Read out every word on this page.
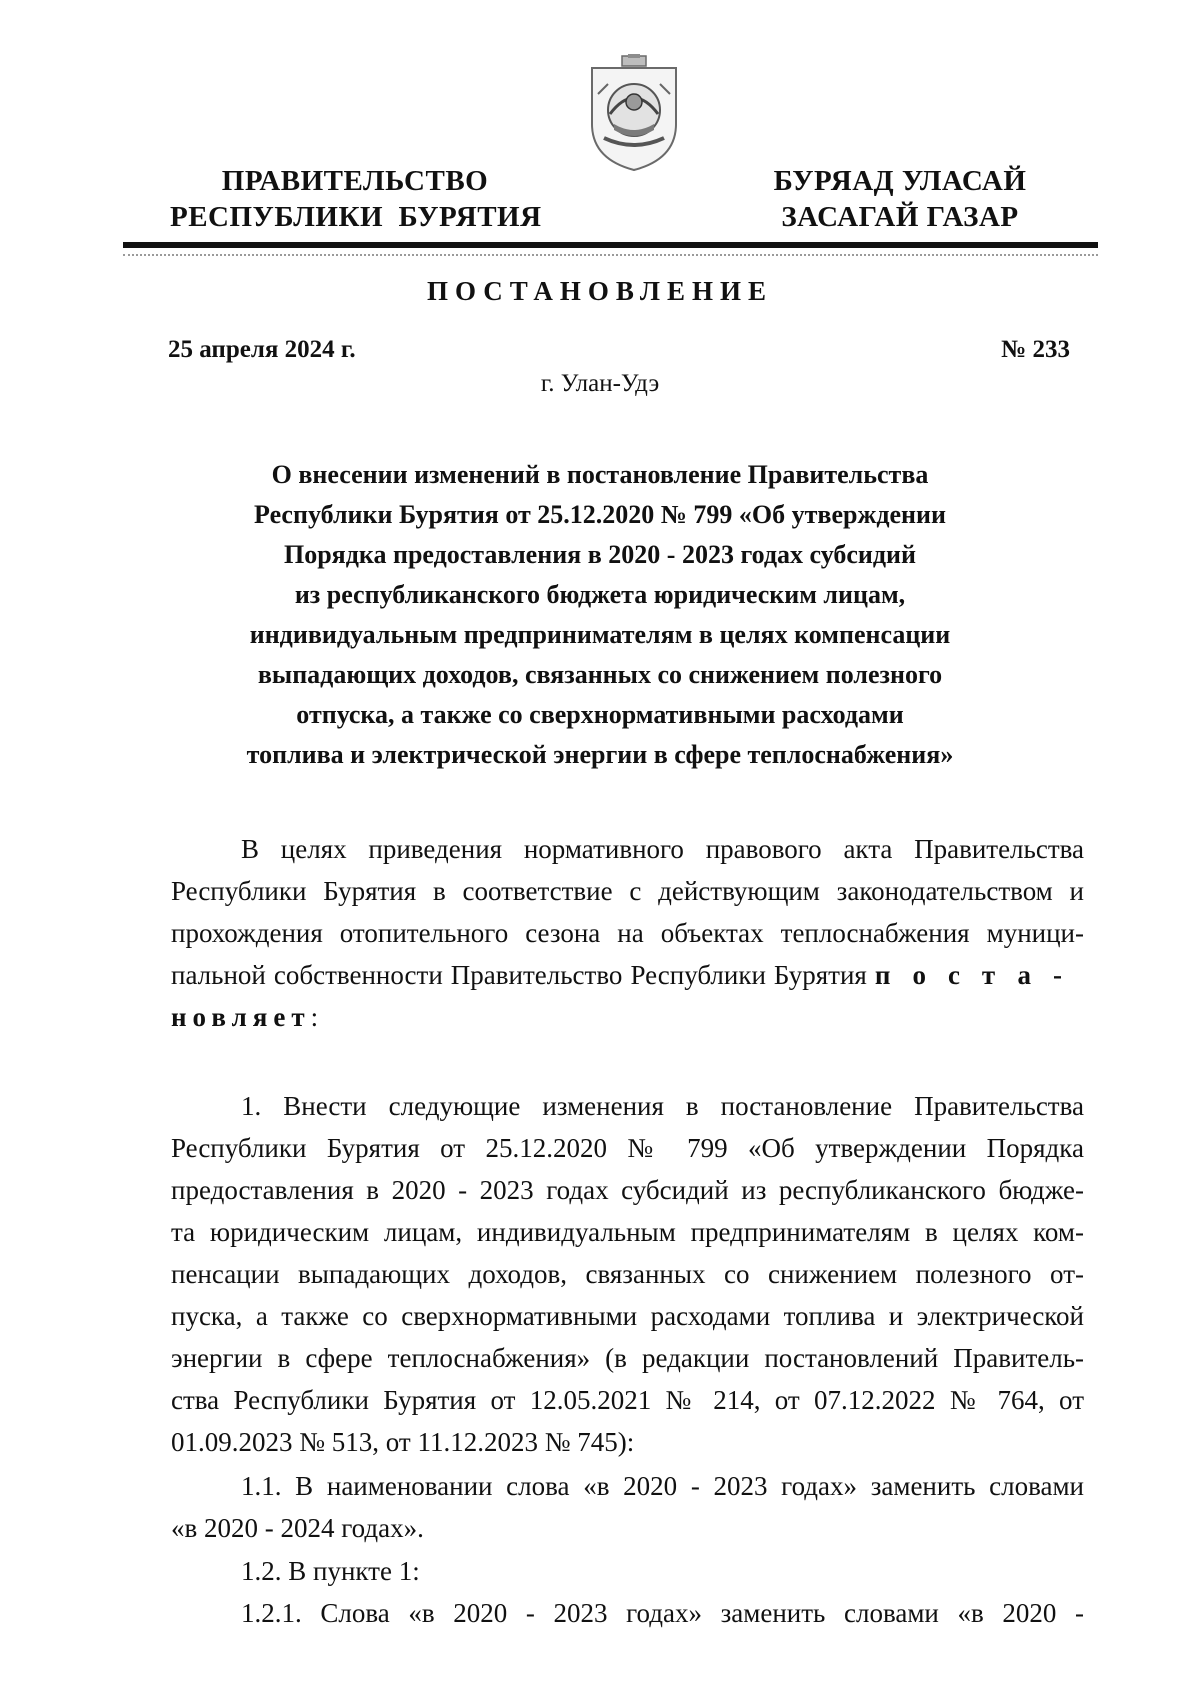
ПРАВИТЕЛЬСТВО
РЕСПУБЛИКИ  БУРЯТИЯ
БУРЯАД УЛАСАЙ
ЗАСАГАЙ ГАЗАР
ПОСТАНОВЛЕНИЕ
25 апреля 2024 г.	№ 233
г. Улан-Удэ
О внесении изменений в постановление Правительства
Республики Бурятия от 25.12.2020 № 799 «Об утверждении
Порядка предоставления в 2020 - 2023 годах субсидий
из республиканского бюджета юридическим лицам,
индивидуальным предпринимателям в целях компенсации
выпадающих доходов, связанных со снижением полезного
отпуска, а также со сверхнормативными расходами
топлива и электрической энергии в сфере теплоснабжения»
В целях приведения нормативного правового акта Правительства
Республики Бурятия в соответствие с действующим законодательством и
прохождения отопительного сезона на объектах теплоснабжения муници-
пальной собственности Правительство Республики Бурятия поста-
новляет:
1. Внести следующие изменения в постановление Правительства
Республики Бурятия от 25.12.2020 № 799 «Об утверждении Порядка
предоставления в 2020 - 2023 годах субсидий из республиканского бюдже-
та юридическим лицам, индивидуальным предпринимателям в целях ком-
пенсации выпадающих доходов, связанных со снижением полезного от-
пуска, а также со сверхнормативными расходами топлива и электрической
энергии в сфере теплоснабжения» (в редакции постановлений Правитель-
ства Республики Бурятия от 12.05.2021 № 214, от 07.12.2022 № 764, от
01.09.2023 № 513, от 11.12.2023 № 745):
1.1. В наименовании слова «в 2020 - 2023 годах» заменить словами
«в 2020 - 2024 годах».
1.2. В пункте 1:
1.2.1. Слова «в 2020 - 2023 годах» заменить словами «в 2020 -
